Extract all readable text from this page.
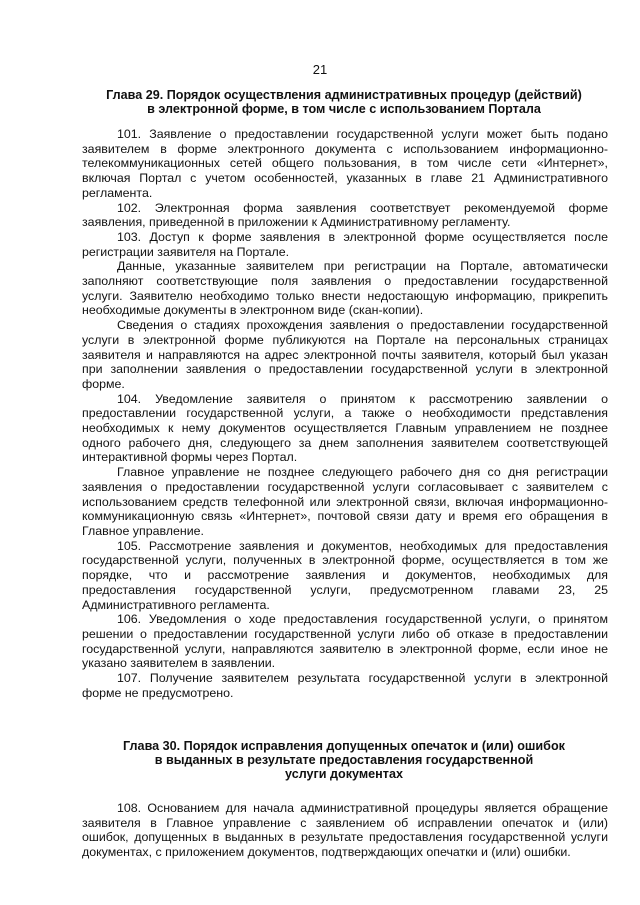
21
Глава 29. Порядок осуществления административных процедур (действий)
в электронной форме, в том числе с использованием Портала
101. Заявление о предоставлении государственной услуги может быть подано
заявителем в форме электронного документа с использованием информационно-
телекоммуникационных сетей общего пользования, в том числе сети «Интернет»,
включая Портал с учетом особенностей, указанных в главе 21 Административного
регламента.
102. Электронная форма заявления соответствует рекомендуемой форме
заявления, приведенной в приложении к Административному регламенту.
103. Доступ к форме заявления в электронной форме осуществляется после
регистрации заявителя на Портале.
Данные, указанные заявителем при регистрации на Портале, автоматически
заполняют соответствующие поля заявления о предоставлении государственной
услуги. Заявителю необходимо только внести недостающую информацию, прикрепить
необходимые документы в электронном виде (скан-копии).
Сведения о стадиях прохождения заявления о предоставлении государственной
услуги в электронной форме публикуются на Портале на персональных страницах
заявителя и направляются на адрес электронной почты заявителя, который был указан
при заполнении заявления о предоставлении государственной услуги в электронной
форме.
104. Уведомление заявителя о принятом к рассмотрению заявлении о
предоставлении государственной услуги, а также о необходимости представления
необходимых к нему документов осуществляется Главным управлением не позднее
одного рабочего дня, следующего за днем заполнения заявителем соответствующей
интерактивной формы через Портал.
Главное управление не позднее следующего рабочего дня со дня регистрации
заявления о предоставлении государственной услуги согласовывает с заявителем с
использованием средств телефонной или электронной связи, включая информационно-
коммуникационную связь «Интернет», почтовой связи дату и время его обращения в
Главное управление.
105. Рассмотрение заявления и документов, необходимых для предоставления
государственной услуги, полученных в электронной форме, осуществляется в том же
порядке, что и рассмотрение заявления и документов, необходимых для
предоставления государственной услуги, предусмотренном главами 23, 25
Административного регламента.
106. Уведомления о ходе предоставления государственной услуги, о принятом
решении о предоставлении государственной услуги либо об отказе в предоставлении
государственной услуги, направляются заявителю в электронной форме, если иное не
указано заявителем в заявлении.
107. Получение заявителем результата государственной услуги в электронной
форме не предусмотрено.
Глава 30. Порядок исправления допущенных опечаток и (или) ошибок
в выданных в результате предоставления государственной
услуги документах
108. Основанием для начала административной процедуры является обращение
заявителя в Главное управление с заявлением об исправлении опечаток и (или)
ошибок, допущенных в выданных в результате предоставления государственной услуги
документах, с приложением документов, подтверждающих опечатки и (или) ошибки.
